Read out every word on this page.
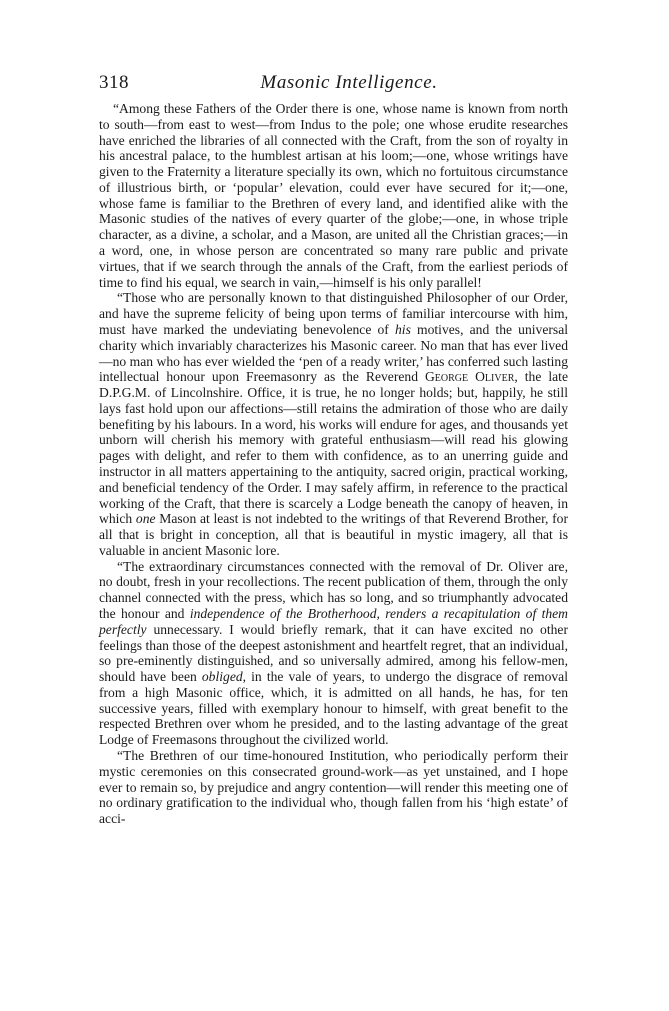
318	Masonic Intelligence.

“Among these Fathers of the Order there is one, whose name is known from north to south—from east to west—from Indus to the pole; one whose erudite researches have enriched the libraries of all connected with the Craft, from the son of royalty in his ancestral palace, to the humblest artisan at his loom;—one, whose writings have given to the Fraternity a literature specially its own, which no fortuitous circumstance of illustrious birth, or ‘popular’ elevation, could ever have secured for it;—one, whose fame is familiar to the Brethren of every land, and identified alike with the Masonic studies of the natives of every quarter of the globe;—one, in whose triple character, as a divine, a scholar, and a Mason, are united all the Christian graces;—in a word, one, in whose person are concentrated so many rare public and private virtues, that if we search through the annals of the Craft, from the earliest periods of time to find his equal, we search in vain,—himself is his only parallel!

“Those who are personally known to that distinguished Philosopher of our Order, and have the supreme felicity of being upon terms of familiar intercourse with him, must have marked the undeviating benevolence of his motives, and the universal charity which invariably characterizes his Masonic career. No man that has ever lived—no man who has ever wielded the ‘pen of a ready writer,’ has conferred such lasting intellectual honour upon Freemasonry as the Reverend George Oliver, the late D.P.G.M. of Lincolnshire. Office, it is true, he no longer holds; but, happily, he still lays fast hold upon our affections—still retains the admiration of those who are daily benefiting by his labours. In a word, his works will endure for ages, and thousands yet unborn will cherish his memory with grateful enthusiasm—will read his glowing pages with delight, and refer to them with confidence, as to an unerring guide and instructor in all matters appertaining to the antiquity, sacred origin, practical working, and beneficial tendency of the Order. I may safely affirm, in reference to the practical working of the Craft, that there is scarcely a Lodge beneath the canopy of heaven, in which one Mason at least is not indebted to the writings of that Reverend Brother, for all that is bright in conception, all that is beautiful in mystic imagery, all that is valuable in ancient Masonic lore.

“The extraordinary circumstances connected with the removal of Dr. Oliver are, no doubt, fresh in your recollections. The recent publication of them, through the only channel connected with the press, which has so long, and so triumphantly advocated the honour and independence of the Brotherhood, renders a recapitulation of them perfectly unnecessary. I would briefly remark, that it can have excited no other feelings than those of the deepest astonishment and heartfelt regret, that an individual, so pre-eminently distinguished, and so universally admired, among his fellow-men, should have been obliged, in the vale of years, to undergo the disgrace of removal from a high Masonic office, which, it is admitted on all hands, he has, for ten successive years, filled with exemplary honour to himself, with great benefit to the respected Brethren over whom he presided, and to the lasting advantage of the great Lodge of Freemasons throughout the civilized world.

“The Brethren of our time-honoured Institution, who periodically perform their mystic ceremonies on this consecrated ground-work—as yet unstained, and I hope ever to remain so, by prejudice and angry contention—will render this meeting one of no ordinary gratification to the individual who, though fallen from his ‘high estate’ of acci-
